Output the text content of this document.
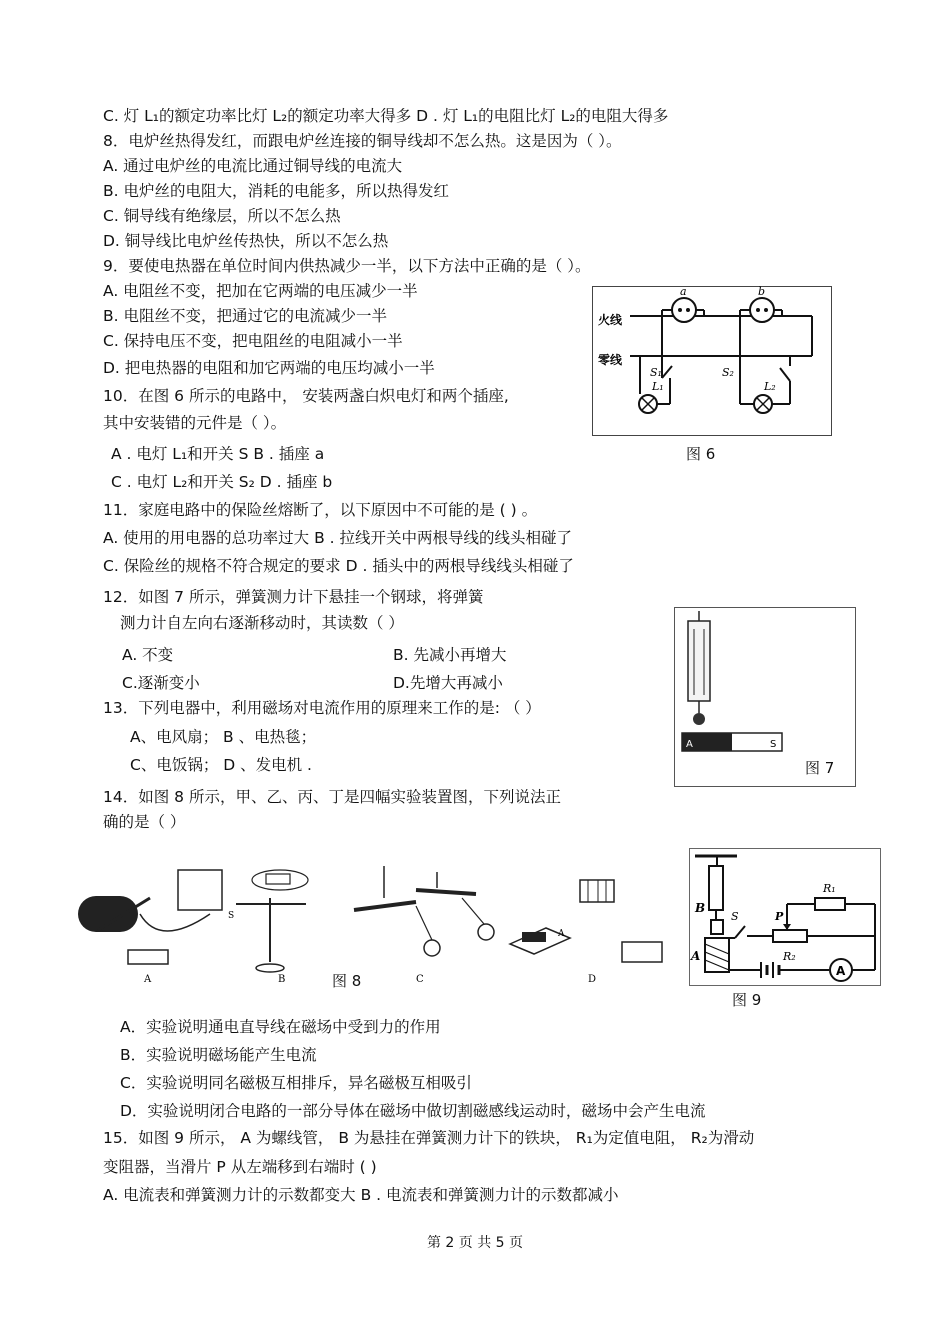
C. 灯 L₁的额定功率比灯 L₂的额定功率大得多 D . 灯 L₁的电阻比灯 L₂的电阻大得多
8．电炉丝热得发红，而跟电炉丝连接的铜导线却不怎么热。这是因为（ ）。
A. 通过电炉丝的电流比通过铜导线的电流大
B. 电炉丝的电阻大，消耗的电能多，所以热得发红
C. 铜导线有绝缘层，所以不怎么热
D. 铜导线比电炉丝传热快，所以不怎么热
9．要使电热器在单位时间内供热减少一半，以下方法中正确的是（ ）。
A. 电阻丝不变，把加在它两端的电压减少一半
B. 电阻丝不变，把通过它的电流减少一半
C. 保持电压不变，把电阻丝的电阻减小一半
D. 把电热器的电阻和加它两端的电压均减小一半
10．在图 6 所示的电路中， 安装两盏白炽电灯和两个插座,
其中安装错的元件是（ ）。
A . 电灯 L₁和开关 S B . 插座 a
C . 电灯 L₂和开关 S₂ D . 插座 b
11．家庭电路中的保险丝熔断了，以下原因中不可能的是 ( ) 。
A. 使用的用电器的总功率过大 B . 拉线开关中两根导线的线头相碰了
C. 保险丝的规格不符合规定的要求 D . 插头中的两根导线线头相碰了
12．如图 7 所示，弹簧测力计下悬挂一个钢球，将弹簧
测力计自左向右逐渐移动时，其读数（ ）
A. 不变	B. 先减小再增大
C.逐渐变小	D.先增大再减小
13．下列电器中，利用磁场对电流作用的原理来工作的是: （ ）
A、电风扇； B 、电热毯；
C、电饭锅； D 、发电机 .
14．如图 8 所示，甲、乙、丙、丁是四幅实验装置图，下列说法正
确的是（ ）
A．实验说明通电直导线在磁场中受到力的作用
B．实验说明磁场能产生电流
C．实验说明同名磁极互相排斥，异名磁极互相吸引
D．实验说明闭合电路的一部分导体在磁场中做切割磁感线运动时，磁场中会产生电流
15．如图 9 所示， A 为螺线管， B 为悬挂在弹簧测力计下的铁块， R₁为定值电阻， R₂为滑动
变阻器，当滑片 P 从左端移到右端时 ( )
A. 电流表和弹簧测力计的示数都变大 B . 电流表和弹簧测力计的示数都减小
火线
零线
a	b
S₁
L₁	L₂
S₂
图 6
A	S
图 7
A
S
B	C
A
D
图 8
B
A
S	P
R₁
R₂
A
图 9
第 2 页 共 5 页
